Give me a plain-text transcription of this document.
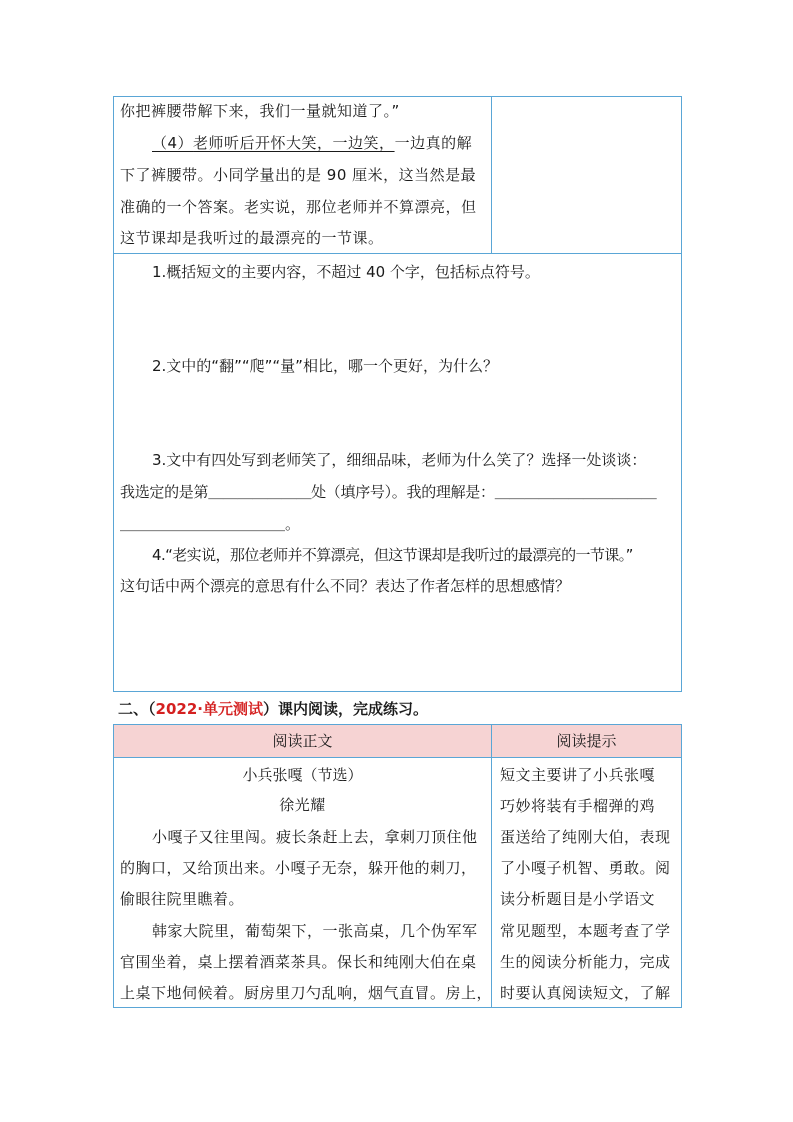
你把裤腰带解下来，我们一量就知道了。”
（4）老师听后开怀大笑，一边笑，一边真的解
下了裤腰带。小同学量出的是 90 厘米，这当然是最
准确的一个答案。老实说，那位老师并不算漂亮，但
这节课却是我听过的最漂亮的一节课。
1.概括短文的主要内容，不超过 40 个字，包括标点符号。
2.文中的“翻”“爬”“量”相比，哪一个更好，为什么？
3.文中有四处写到老师笑了，细细品味，老师为什么笑了？选择一处谈谈：
我选定的是第＿＿＿＿＿＿＿处（填序号）。我的理解是：＿＿＿＿＿＿＿＿＿＿＿
＿＿＿＿＿＿＿＿＿＿＿。
4.“老实说，那位老师并不算漂亮，但这节课却是我听过的最漂亮的一节课。”
这句话中两个漂亮的意思有什么不同？表达了作者怎样的思想感情？
二、（2022·单元测试）课内阅读，完成练习。
阅读正文	阅读提示
小兵张嘎（节选）
徐光耀
小嘎子又往里闯。疲长条赶上去，拿刺刀顶住他
的胸口，又给顶出来。小嘎子无奈，躲开他的刺刀，
偷眼往院里瞧着。
韩家大院里，葡萄架下，一张高桌，几个伪军军
官围坐着，桌上摆着酒菜茶具。保长和纯刚大伯在桌
上桌下地伺候着。厨房里刀勺乱响，烟气直冒。房上，
短文主要讲了小兵张嘎
巧妙将装有手榴弹的鸡
蛋送给了纯刚大伯，表现
了小嘎子机智、勇敢。阅
读分析题目是小学语文
常见题型，本题考查了学
生的阅读分析能力，完成
时要认真阅读短文，了解
